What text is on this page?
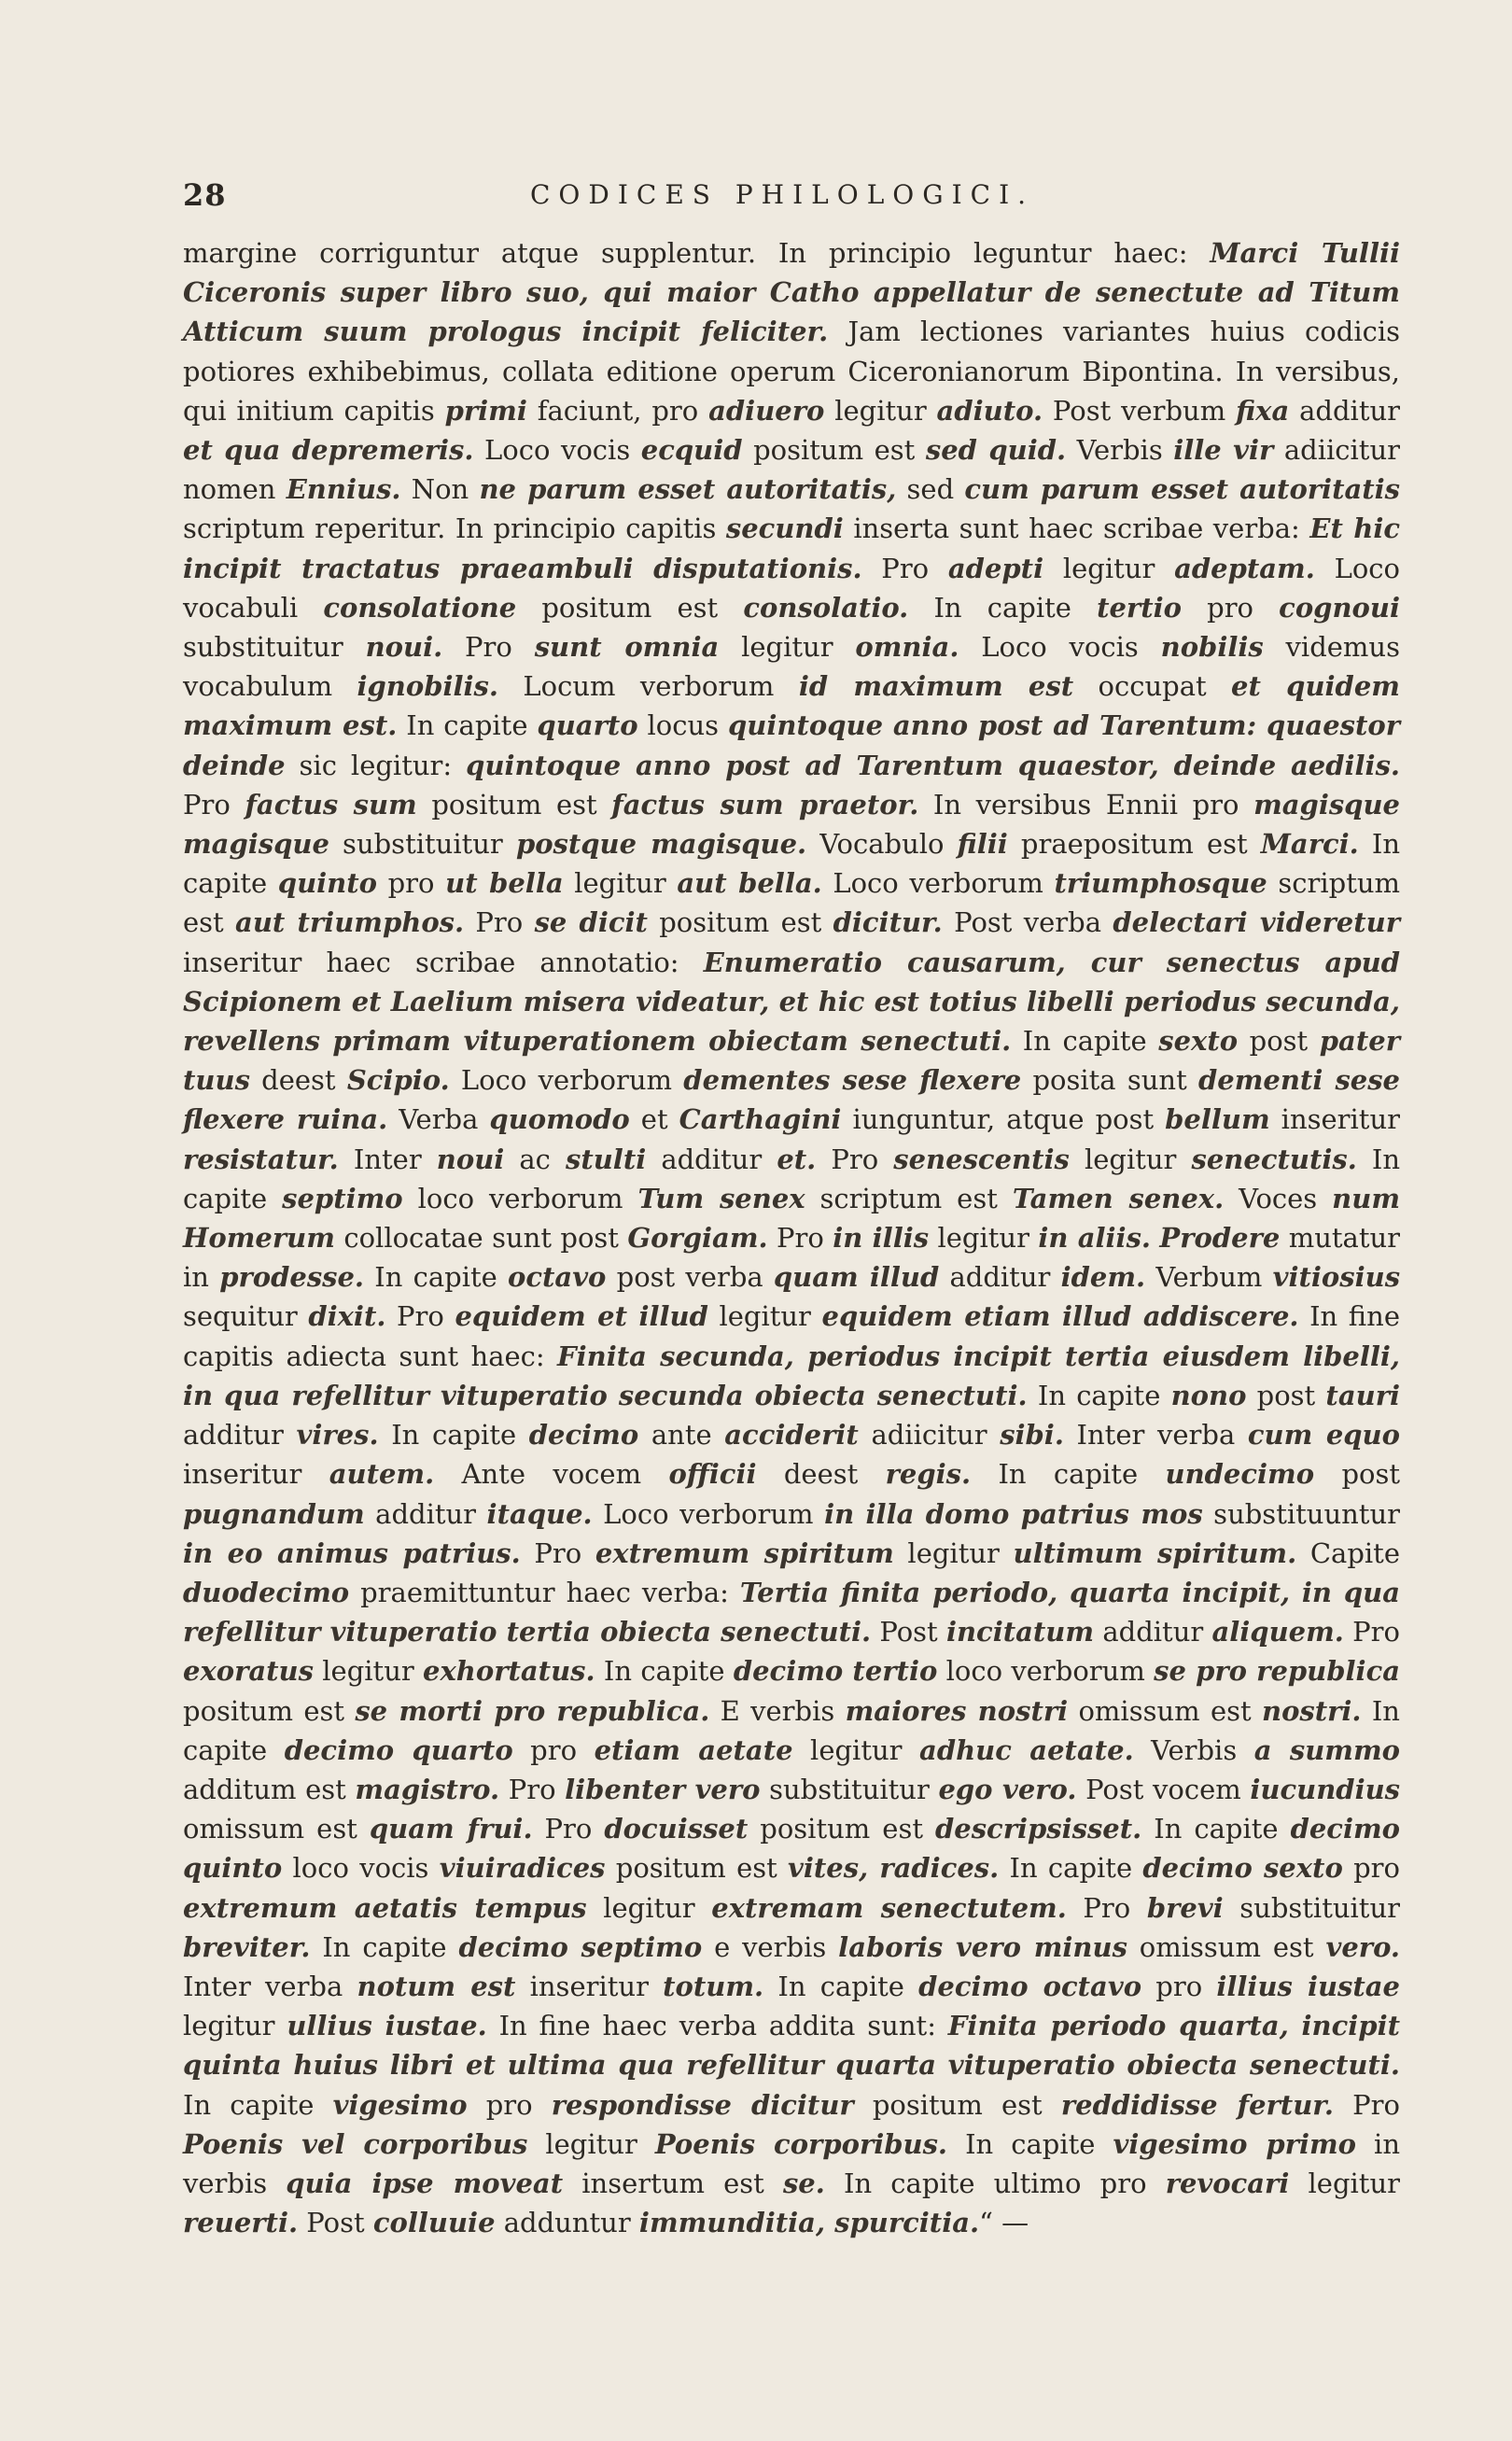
28	CODICES PHILOLOGICI.

margine corriguntur atque supplentur. In principio leguntur haec: Marci Tullii Ciceronis super libro suo, qui maior Catho appellatur de senectute ad Titum Atticum suum prologus incipit feliciter. Jam lectiones variantes huius codicis potiores exhibebimus, collata editione operum Ciceronianorum Bipontina. In versibus, qui initium capitis primi faciunt, pro adiuero legitur adiuto. Post verbum fixa additur et qua depremeris. Loco vocis ecquid positum est sed quid. Verbis ille vir adiicitur nomen Ennius. Non ne parum esset autoritatis, sed cum parum esset autoritatis scriptum reperitur. In principio capitis secundi inserta sunt haec scribae verba: Et hic incipit tractatus praeambuli disputationis. Pro adepti legitur adeptam. Loco vocabuli consolatione positum est consolatio. In capite tertio pro cognoui substituitur noui. Pro sunt omnia legitur omnia. Loco vocis nobilis videmus vocabulum ignobilis. Locum verborum id maximum est occupat et quidem maximum est. In capite quarto locus quintoque anno post ad Tarentum: quaestor deinde sic legitur: quintoque anno post ad Tarentum quaestor, deinde aedilis. Pro factus sum positum est factus sum praetor. In versibus Ennii pro magisque magisque substituitur postque magisque. Vocabulo filii praepositum est Marci. In capite quinto pro ut bella legitur aut bella. Loco verborum triumphosque scriptum est aut triumphos. Pro se dicit positum est dicitur. Post verba delectari videretur inseritur haec scribae annotatio: Enumeratio causarum, cur senectus apud Scipionem et Laelium misera videatur, et hic est totius libelli periodus secunda, revellens primam vituperationem obiectam senectuti. In capite sexto post pater tuus deest Scipio. Loco verborum dementes sese flexere posita sunt dementi sese flexere ruina. Verba quomodo et Carthagini iunguntur, atque post bellum inseritur resistatur. Inter noui ac stulti additur et. Pro senescentis legitur senectutis. In capite septimo loco verborum Tum senex scriptum est Tamen senex. Voces num Homerum collocatae sunt post Gorgiam. Pro in illis legitur in aliis. Prodere mutatur in prodesse. In capite octavo post verba quam illud additur idem. Verbum vitiosius sequitur dixit. Pro equidem et illud legitur equidem etiam illud addiscere. In fine capitis adiecta sunt haec: Finita secunda, periodus incipit tertia eiusdem libelli, in qua refellitur vituperatio secunda obiecta senectuti. In capite nono post tauri additur vires. In capite decimo ante acciderit adiicitur sibi. Inter verba cum equo inseritur autem. Ante vocem officii deest regis. In capite undecimo post pugnandum additur itaque. Loco verborum in illa domo patrius mos substituuntur in eo animus patrius. Pro extremum spiritum legitur ultimum spiritum. Capite duodecimo praemittuntur haec verba: Tertia finita periodo, quarta incipit, in qua refellitur vituperatio tertia obiecta senectuti. Post incitatum additur aliquem. Pro exoratus legitur exhortatus. In capite decimo tertio loco verborum se pro republica positum est se morti pro republica. E verbis maiores nostri omissum est nostri. In capite decimo quarto pro etiam aetate legitur adhuc aetate. Verbis a summo additum est magistro. Pro libenter vero substituitur ego vero. Post vocem iucundius omissum est quam frui. Pro docuisset positum est descripsisset. In capite decimo quinto loco vocis viuiradices positum est vites, radices. In capite decimo sexto pro extremum aetatis tempus legitur extremam senectutem. Pro brevi substituitur breviter. In capite decimo septimo e verbis laboris vero minus omissum est vero. Inter verba notum est inseritur totum. In capite decimo octavo pro illius iustae legitur ullius iustae. In fine haec verba addita sunt: Finita periodo quarta, incipit quinta huius libri et ultima qua refellitur quarta vituperatio obiecta senectuti. In capite vigesimo pro respondisse dicitur positum est reddidisse fertur. Pro Poenis vel corporibus legitur Poenis corporibus. In capite vigesimo primo in verbis quia ipse moveat insertum est se. In capite ultimo pro revocari legitur reuerti. Post colluuie adduntur immunditia, spurcitia.“ —
